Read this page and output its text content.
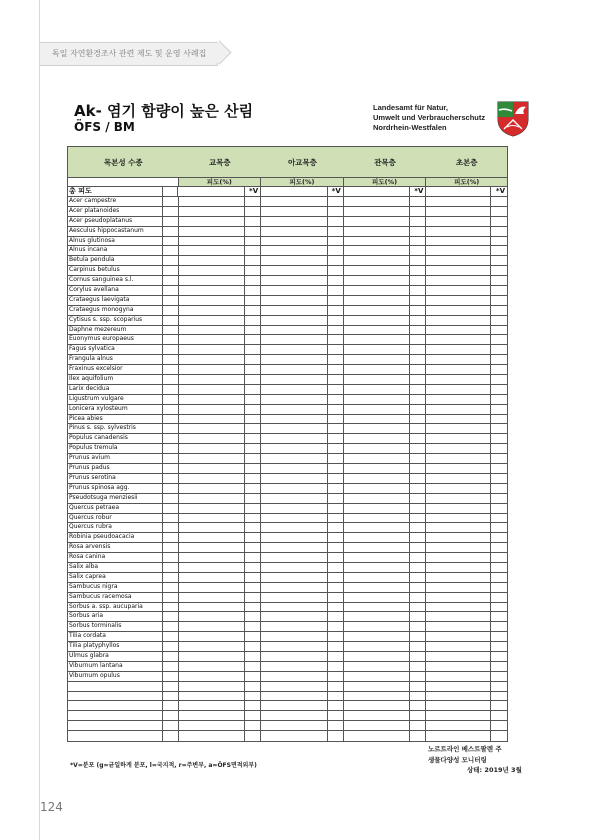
독일 자연환경조사 관련 제도 및 운영 사례집
Ak- 염기 함량이 높은 산림
ÖFS / BM
Landesamt für Natur,
Umwelt und Verbraucherschutz
Nordrhein-Westfalen
목본성 수종	교목층	아교목층	관목층	초본층
피도(%)	피도(%)	피도(%)	피도(%)
총 피도	*V	*V	*V	*V
Acer campestre
Acer platanoides
Acer pseudoplatanus
Aesculus hippocastanum
Alnus glutinosa
Alnus incana
Betula pendula
Carpinus betulus
Cornus sanguinea s.l.
Corylus avellana
Crataegus laevigata
Crataegus monogyna
Cytisus s. ssp. scoparius
Daphne mezereum
Euonymus europaeus
Fagus sylvatica
Frangula alnus
Fraxinus excelsior
Ilex aquifolium
Larix decidua
Ligustrum vulgare
Lonicera xylosteum
Picea abies
Pinus s. ssp. sylvestris
Populus canadensis
Populus tremula
Prunus avium
Prunus padus
Prunus serotina
Prunus spinosa agg.
Pseudotsuga menziesii
Quercus petraea
Quercus robur
Quercus rubra
Robinia pseudoacacia
Rosa arvensis
Rosa canina
Salix alba
Salix caprea
Sambucus nigra
Sambucus racemosa
Sorbus a. ssp. aucuparia
Sorbus aria
Sorbus torminalis
Tilia cordata
Tilia platyphyllos
Ulmus glabra
Viburnum lantana
Viburnum opulus
*V=분포 (g=균일하게 분포, l=국지적, r=주변부, a=ÖFS면적외부)
노르트라인 베스트팔렌 주
생물다양성 모니터링
상태: 2019년 3월
124
